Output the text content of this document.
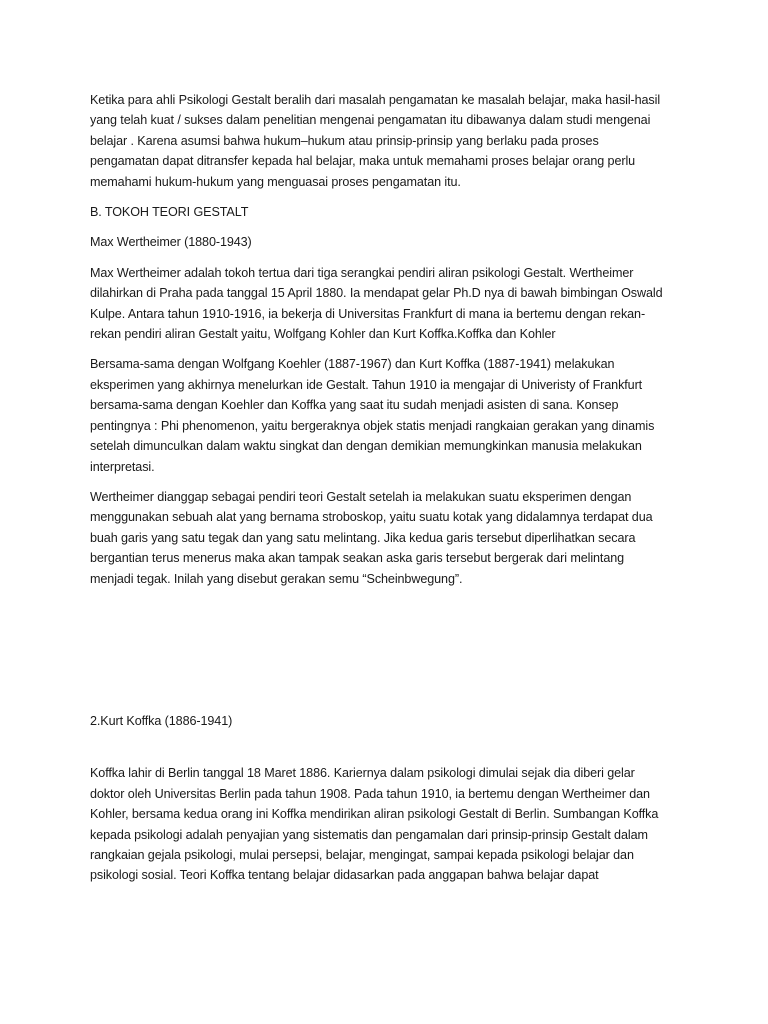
Ketika para ahli Psikologi Gestalt beralih dari masalah pengamatan ke masalah belajar, maka hasil-hasil
yang telah kuat / sukses dalam penelitian mengenai pengamatan itu dibawanya dalam studi mengenai
belajar . Karena asumsi bahwa hukum–hukum atau prinsip-prinsip yang berlaku pada proses
pengamatan dapat ditransfer kepada hal belajar, maka untuk memahami proses belajar orang perlu
memahami hukum-hukum yang menguasai proses pengamatan itu.

B. TOKOH TEORI GESTALT

Max Wertheimer (1880-1943)

Max Wertheimer adalah tokoh tertua dari tiga serangkai pendiri aliran psikologi Gestalt. Wertheimer
dilahirkan di Praha pada tanggal 15 April 1880. Ia mendapat gelar Ph.D nya di bawah bimbingan Oswald
Kulpe. Antara tahun 1910-1916, ia bekerja di Universitas Frankfurt di mana ia bertemu dengan rekan-
rekan pendiri aliran Gestalt yaitu, Wolfgang Kohler dan Kurt Koffka.Koffka dan Kohler

Bersama-sama dengan Wolfgang Koehler (1887-1967) dan Kurt Koffka (1887-1941) melakukan
eksperimen yang akhirnya menelurkan ide Gestalt. Tahun 1910 ia mengajar di Univeristy of Frankfurt
bersama-sama dengan Koehler dan Koffka yang saat itu sudah menjadi asisten di sana. Konsep
pentingnya : Phi phenomenon, yaitu bergeraknya objek statis menjadi rangkaian gerakan yang dinamis
setelah dimunculkan dalam waktu singkat dan dengan demikian memungkinkan manusia melakukan
interpretasi.

Wertheimer dianggap sebagai pendiri teori Gestalt setelah ia melakukan suatu eksperimen dengan
menggunakan sebuah alat yang bernama stroboskop, yaitu suatu kotak yang didalamnya terdapat dua
buah garis yang satu tegak dan yang satu melintang. Jika kedua garis tersebut diperlihatkan secara
bergantian terus menerus maka akan tampak seakan aska garis tersebut bergerak dari melintang
menjadi tegak. Inilah yang disebut gerakan semu “Scheinbwegung”.

2.Kurt Koffka (1886-1941)

Koffka lahir di Berlin tanggal 18 Maret 1886. Kariernya dalam psikologi dimulai sejak dia diberi gelar
doktor oleh Universitas Berlin pada tahun 1908. Pada tahun 1910, ia bertemu dengan Wertheimer dan
Kohler, bersama kedua orang ini Koffka mendirikan aliran psikologi Gestalt di Berlin. Sumbangan Koffka
kepada psikologi adalah penyajian yang sistematis dan pengamalan dari prinsip-prinsip Gestalt dalam
rangkaian gejala psikologi, mulai persepsi, belajar, mengingat, sampai kepada psikologi belajar dan
psikologi sosial. Teori Koffka tentang belajar didasarkan pada anggapan bahwa belajar dapat
